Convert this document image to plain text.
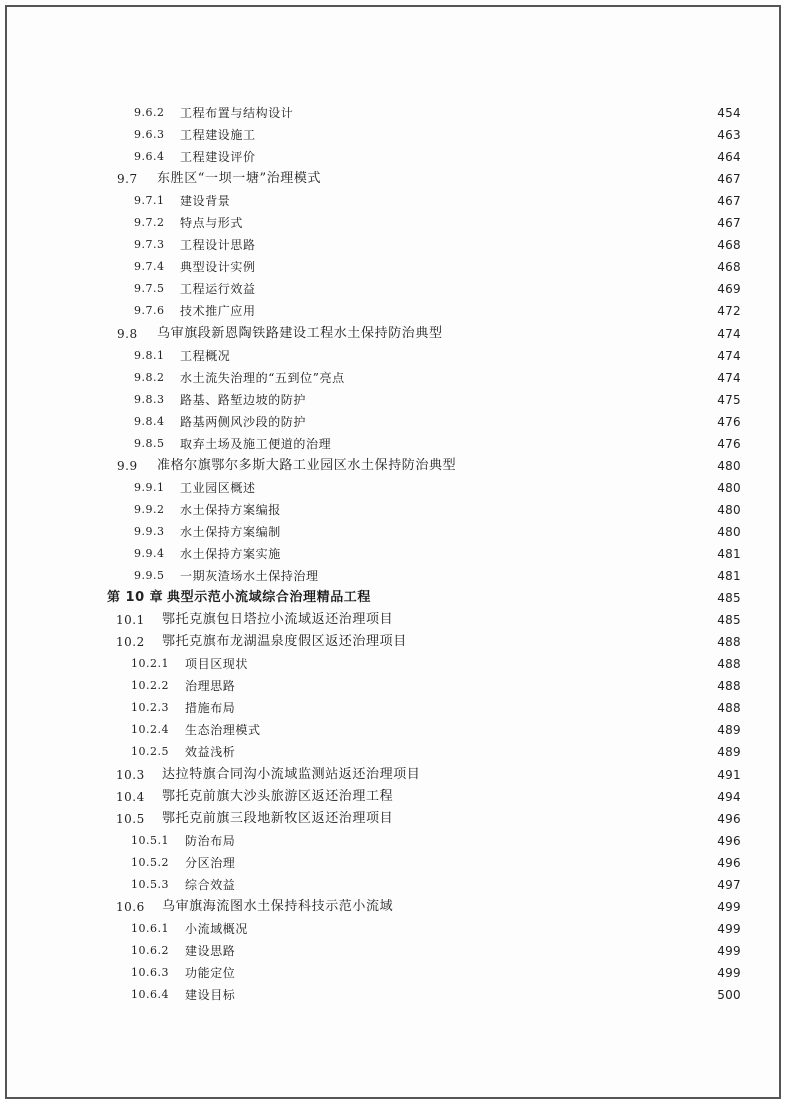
9.6.2	工程布置与结构设计	454
9.6.3	工程建设施工	463
9.6.4	工程建设评价	464
9.7	东胜区“一坝一塘”治理模式	467
9.7.1	建设背景	467
9.7.2	特点与形式	467
9.7.3	工程设计思路	468
9.7.4	典型设计实例	468
9.7.5	工程运行效益	469
9.7.6	技术推广应用	472
9.8	乌审旗段新恩陶铁路建设工程水土保持防治典型	474
9.8.1	工程概况	474
9.8.2	水土流失治理的“五到位”亮点	474
9.8.3	路基、路堑边坡的防护	475
9.8.4	路基两侧风沙段的防护	476
9.8.5	取弃土场及施工便道的治理	476
9.9	准格尔旗鄂尔多斯大路工业园区水土保持防治典型	480
9.9.1	工业园区概述	480
9.9.2	水土保持方案编报	480
9.9.3	水土保持方案编制	480
9.9.4	水土保持方案实施	481
9.9.5	一期灰渣场水土保持治理	481
第 10 章 典型示范小流域综合治理精品工程	485
10.1	鄂托克旗包日塔拉小流域返还治理项目	485
10.2	鄂托克旗布龙湖温泉度假区返还治理项目	488
10.2.1	项目区现状	488
10.2.2	治理思路	488
10.2.3	措施布局	488
10.2.4	生态治理模式	489
10.2.5	效益浅析	489
10.3	达拉特旗合同沟小流域监测站返还治理项目	491
10.4	鄂托克前旗大沙头旅游区返还治理工程	494
10.5	鄂托克前旗三段地新牧区返还治理项目	496
10.5.1	防治布局	496
10.5.2	分区治理	496
10.5.3	综合效益	497
10.6	乌审旗海流图水土保持科技示范小流域	499
10.6.1	小流域概况	499
10.6.2	建设思路	499
10.6.3	功能定位	499
10.6.4	建设目标	500
